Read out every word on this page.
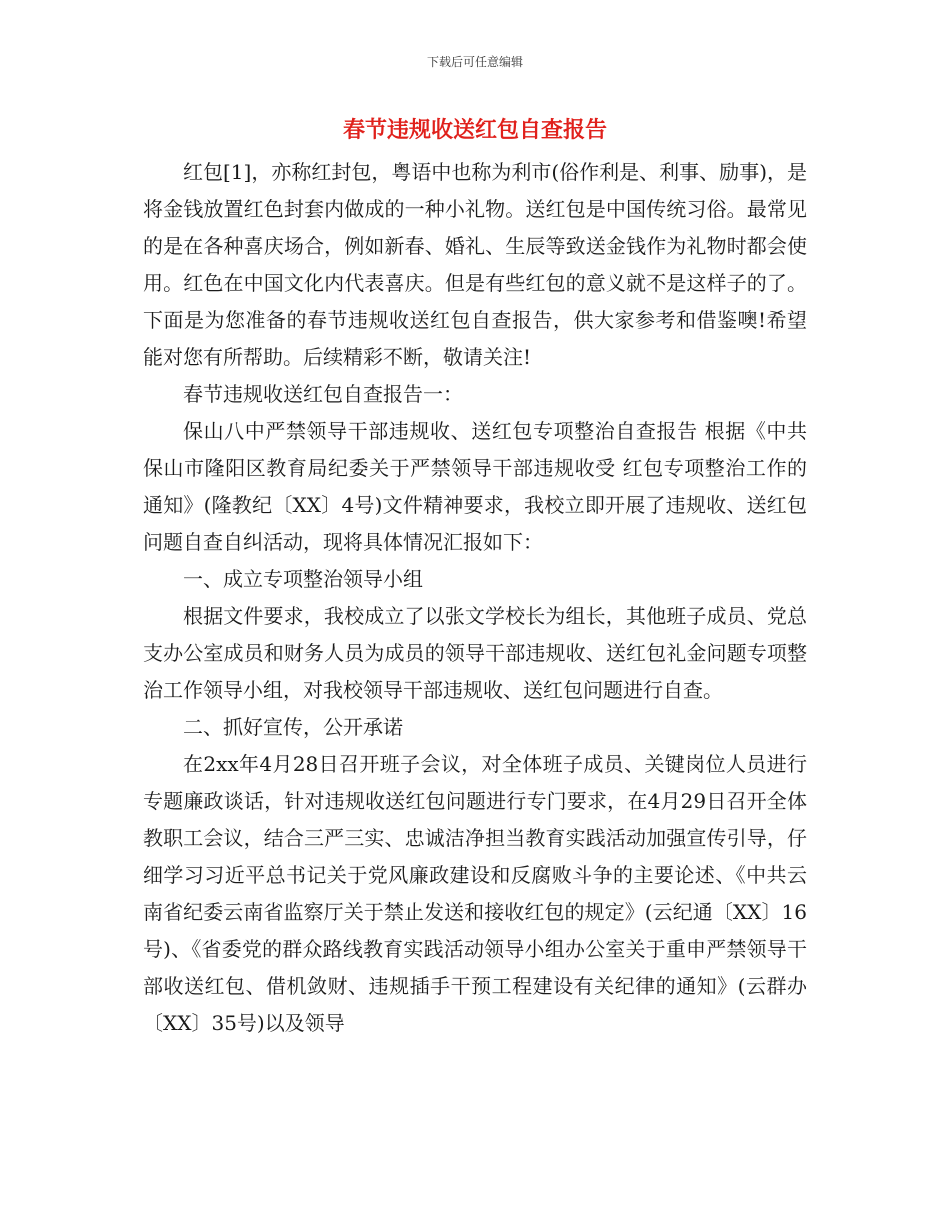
下载后可任意编辑
春节违规收送红包自查报告

红包[1]，亦称红封包，粤语中也称为利市(俗作利是、利事、励事)，是将金钱放置红色封套内做成的一种小礼物。送红包是中国传统习俗。最常见的是在各种喜庆场合，例如新春、婚礼、生辰等致送金钱作为礼物时都会使用。红色在中国文化内代表喜庆。但是有些红包的意义就不是这样子的了。下面是为您准备的春节违规收送红包自查报告，供大家参考和借鉴噢!希望能对您有所帮助。后续精彩不断，敬请关注!

春节违规收送红包自查报告一：

保山八中严禁领导干部违规收、送红包专项整治自查报告 根据《中共保山市隆阳区教育局纪委关于严禁领导干部违规收受 红包专项整治工作的通知》(隆教纪〔XX〕4号)文件精神要求，我校立即开展了违规收、送红包问题自查自纠活动，现将具体情况汇报如下：

一、成立专项整治领导小组

根据文件要求，我校成立了以张文学校长为组长，其他班子成员、党总支办公室成员和财务人员为成员的领导干部违规收、送红包礼金问题专项整治工作领导小组，对我校领导干部违规收、送红包问题进行自查。

二、抓好宣传，公开承诺

在2xx年4月28日召开班子会议，对全体班子成员、关键岗位人员进行专题廉政谈话，针对违规收送红包问题进行专门要求，在4月29日召开全体教职工会议，结合三严三实、忠诚洁净担当教育实践活动加强宣传引导，仔细学习习近平总书记关于党风廉政建设和反腐败斗争的主要论述、《中共云南省纪委云南省监察厅关于禁止发送和接收红包的规定》(云纪通〔XX〕16号)、《省委党的群众路线教育实践活动领导小组办公室关于重申严禁领导干部收送红包、借机敛财、违规插手干预工程建设有关纪律的通知》(云群办〔XX〕35号)以及领导
